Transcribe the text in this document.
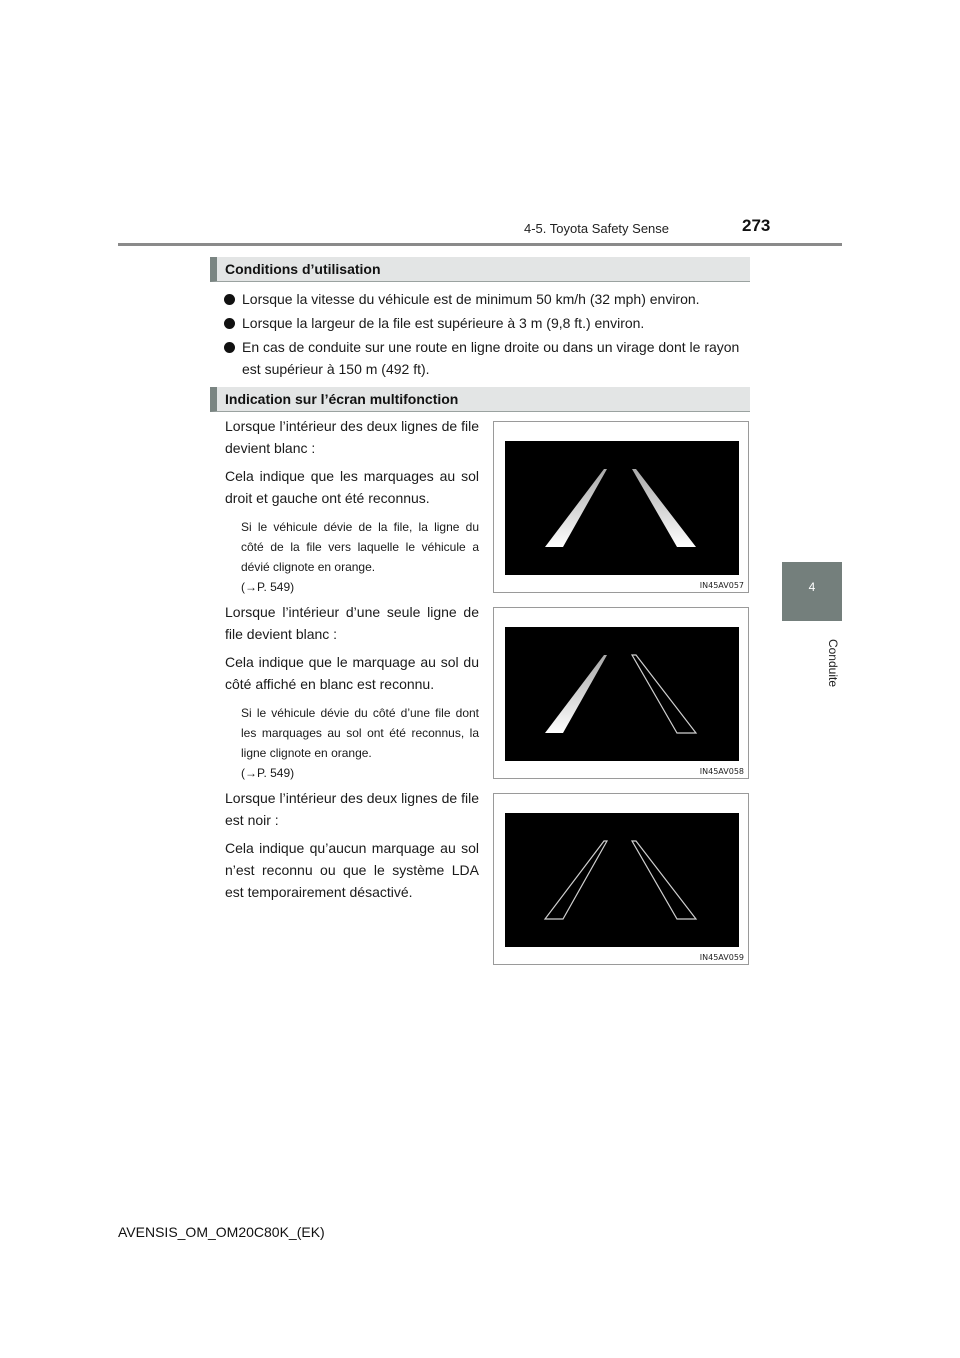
4-5. Toyota Safety Sense	273
4
Conduite
Conditions d’utilisation
Lorsque la vitesse du véhicule est de minimum 50 km/h (32 mph) environ.
Lorsque la largeur de la file est supérieure à 3 m (9,8 ft.) environ.
En cas de conduite sur une route en ligne droite ou dans un virage dont le rayon est supérieur à 150 m (492 ft).
Indication sur l’écran multifonction

Lorsque l’intérieur des deux lignes de file devient blanc :

Cela indique que les marquages au sol droit et gauche ont été reconnus.

Si le véhicule dévie de la file, la ligne du côté de la file vers laquelle le véhicule a dévié clignote en orange.
(→P. 549)	IN45AV057

Lorsque l’intérieur d’une seule ligne de file devient blanc :

Cela indique que le marquage au sol du côté affiché en blanc est reconnu.

Si le véhicule dévie du côté d’une file dont les marquages au sol ont été reconnus, la ligne clignote en orange.
(→P. 549)	IN45AV058

Lorsque l’intérieur des deux lignes de file est noir :

Cela indique qu’aucun marquage au sol n’est reconnu ou que le système LDA est temporairement désactivé.

IN45AV059
AVENSIS_OM_OM20C80K_(EK)
